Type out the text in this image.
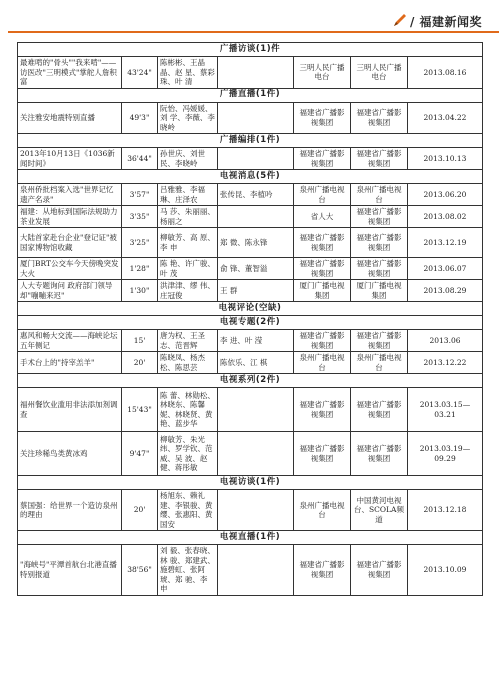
/ 福建新闻奖
广播访谈(1)件						
最难啃的"骨头""我来啃"——访医改"三明模式"掌舵人詹积富	43'24"	陈彬彬、王晶晶、赵 星、蔡彩珠、叶 清		三明人民广播电台	三明人民广播电台	2013.08.16
广播直播(1件)						
关注雅安地震特别直播	49'3"	阮怡、冯媛媛、刘 学、李薇、李晓岭		福建省广播影视集团	福建省广播影视集团	2013.04.22
广播编排(1件)						
2013年10月13日《1036新闻时间》	36'44"	孙世庆、刘世民、李晓岭		福建省广播影视集团	福建省广播影视集团	2013.10.13
电视消息(5件)						
泉州侨批档案入选"世界记忆遗产名录"	3'57"	吕雅雅、李福琳、庄泽农	张传昆、李植吟	泉州广播电视台	泉州广播电视台	2013.06.20
福建：从地标到国际法规助力茶业发展	3'35"	马 莎、朱丽丽、杨丽之		省人大	福建省广播影视集团	2013.08.02
大陆首家赴台企业"登记证"被国家博物馆收藏	3'25"	柳敏芳、高 原、李 申	郑 微、陈永锋	福建省广播影视集团	福建省广播影视集团	2013.12.19
厦门BRT公交车今天傍晚突发大火	1'28"	陈 艳、许广骏、叶 茂	俞 锋、董智溢	福建省广播影视集团	福建省广播影视集团	2013.06.07
人大专题询问 政府部门领导却"嘣嘣来迟"	1'30"	洪津津、缪 伟、庄冠俊	王 群	厦门广播电视集团	厦门广播电视集团	2013.08.29
电视评论(空缺)						
电视专题(2件)						
惠风和畅大交流——海峡论坛五年侧记	15'	唐为权、王圣志、范晋辉	李 进、叶 滢	福建省广播影视集团	福建省广播影视集团	2013.06
手术台上的"持宰羔羊"	20'	陈晓凤、杨杰松、陈思芸	陈依乐、江 棋	泉州广播电视台	泉州广播电视台	2013.12.22
电视系列(2件)						
福州餐饮业滥用非法添加剂调查	15'43"	陈 蕾、林勋松、林晓东、陈馨妮、林晓贤、黄 艳、蓝步华		福建省广播影视集团	福建省广播影视集团	2013.03.15—03.21
关注珍稀鸟类黄冰鸡	9'47"	柳敏芳、朱光纬、罗学钦、范 威、吴 波、赵 健、蒋彤敏		福建省广播影视集团	福建省广播影视集团	2013.03.19—09.29
电视访谈(1件)						
蔡国强：给世界一个造访泉州的理由	20'	杨旭东、赖礼建、李银骏、黄 缨、张惠阳、黄国安		泉州广播电视台	中国黄河电视台、SCOLA频道	2013.12.18
电视直播(1件)						
"海峡号"平潭首航台北港直播特别报道	38'56"	刘 毅、张春晓、林 骏、郑建武、施碧虹、张阿琥、郑 驰、李 申		福建省广播影视集团	福建省广播影视集团	2013.10.09
